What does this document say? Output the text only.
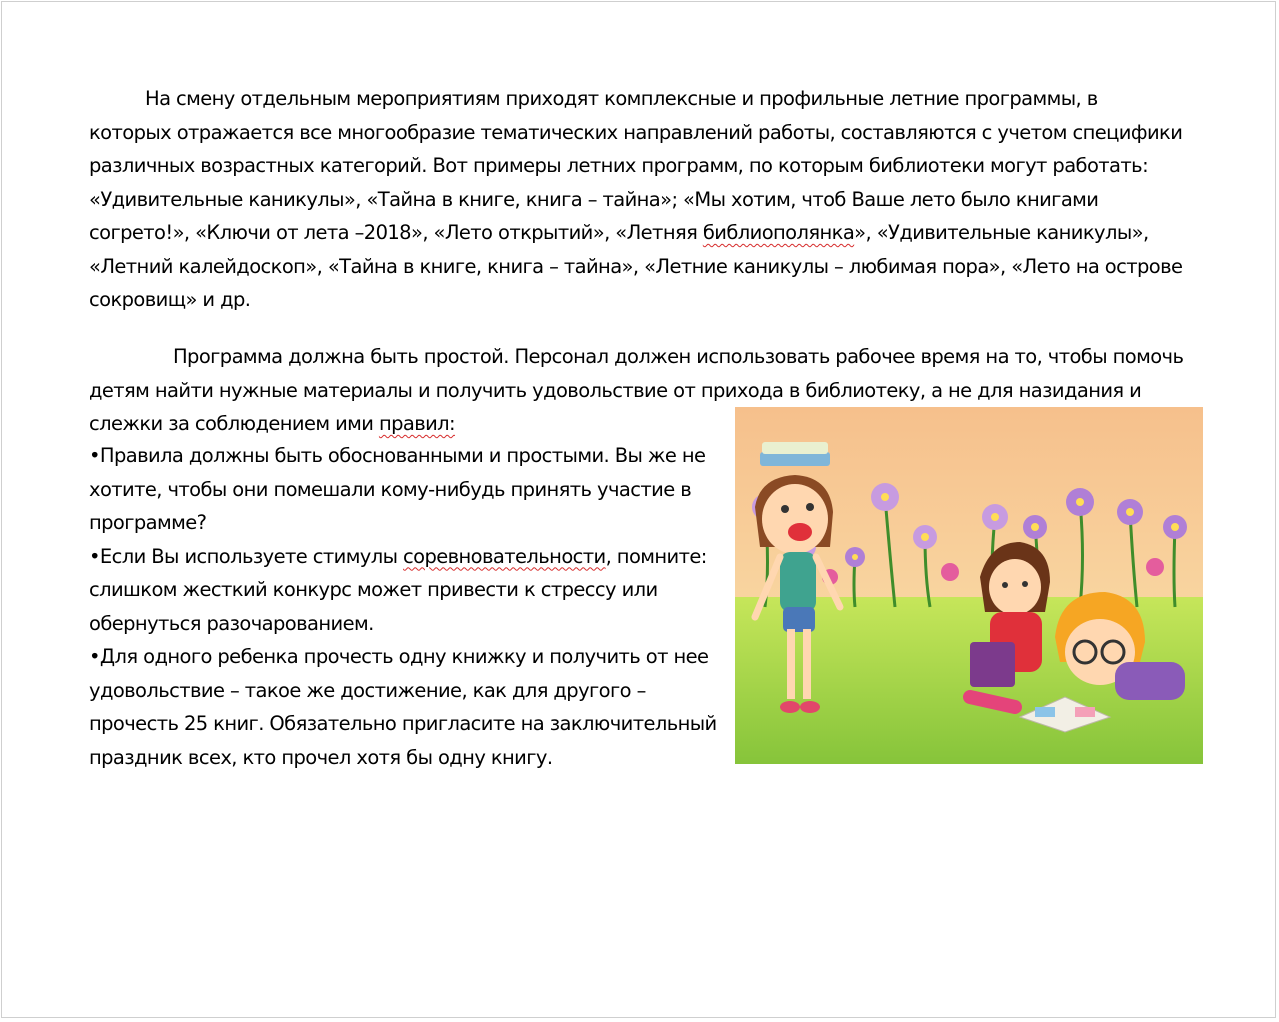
На смену отдельным мероприятиям приходят комплексные и профильные летние программы, в которых отражается все многообразие тематических направлений работы, составляются с учетом специфики различных возрастных категорий. Вот примеры летних программ, по которым библиотеки могут работать: «Удивительные каникулы», «Тайна в книге, книга – тайна»; «Мы хотим, чтоб Ваше лето было книгами согрето!», «Ключи от лета –2018», «Лето открытий», «Летняя библиополянка», «Удивительные каникулы», «Летний калейдоскоп», «Тайна в книге, книга – тайна», «Летние каникулы – любимая пора», «Лето на острове сокровищ» и др.

Программа должна быть простой. Персонал должен использовать рабочее время на то, чтобы помочь детям найти нужные материалы и получить удовольствие от прихода в библиотеку, а не для назидания и слежки за соблюдением ими правил:

•Правила должны быть обоснованными и простыми. Вы же не хотите, чтобы они помешали кому-нибудь принять участие в программе?

•Если Вы используете стимулы соревновательности, помните: слишком жесткий конкурс может привести к стрессу или обернуться разочарованием.

•Для одного ребенка прочесть одну книжку и получить от нее удовольствие – такое же достижение, как для другого – прочесть 25 книг. Обязательно пригласите на заключительный праздник всех, кто прочел хотя бы одну книгу.
